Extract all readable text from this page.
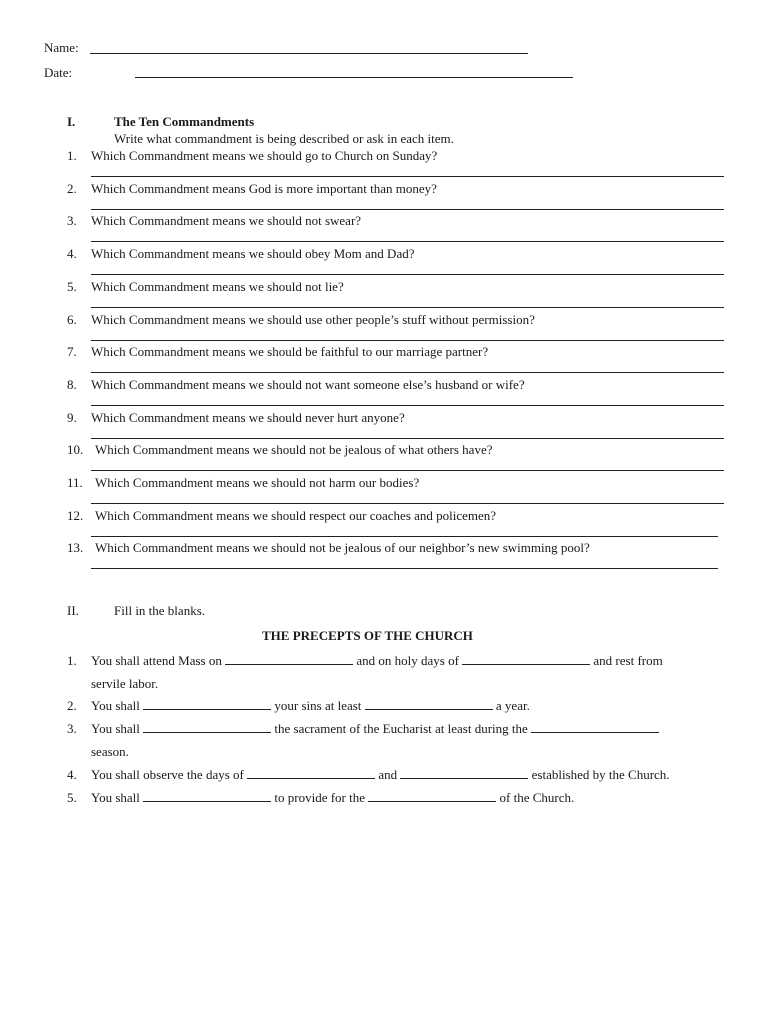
Name:
Date:
I.	The Ten Commandments
Write what commandment is being described or ask in each item.
1. Which Commandment means we should go to Church on Sunday?
2. Which Commandment means God is more important than money?
3. Which Commandment means we should not swear?
4. Which Commandment means we should obey Mom and Dad?
5. Which Commandment means we should not lie?
6. Which Commandment means we should use other people’s stuff without permission?
7. Which Commandment means we should be faithful to our marriage partner?
8. Which Commandment means we should not want someone else’s husband or wife?
9. Which Commandment means we should never hurt anyone?
10. Which Commandment means we should not be jealous of what others have?
11. Which Commandment means we should not harm our bodies?
12. Which Commandment means we should respect our coaches and policemen?
13. Which Commandment means we should not be jealous of our neighbor’s new swimming pool?
II.	Fill in the blanks.
THE PRECEPTS OF THE CHURCH
1. You shall attend Mass on	and on holy days of	and rest from
servile labor.
2. You shall	your sins at least	a year.
3. You shall	the sacrament of the Eucharist at least during the
season.
4. You shall observe the days of	and	established by the Church.
5. You shall	to provide for the	of the Church.
